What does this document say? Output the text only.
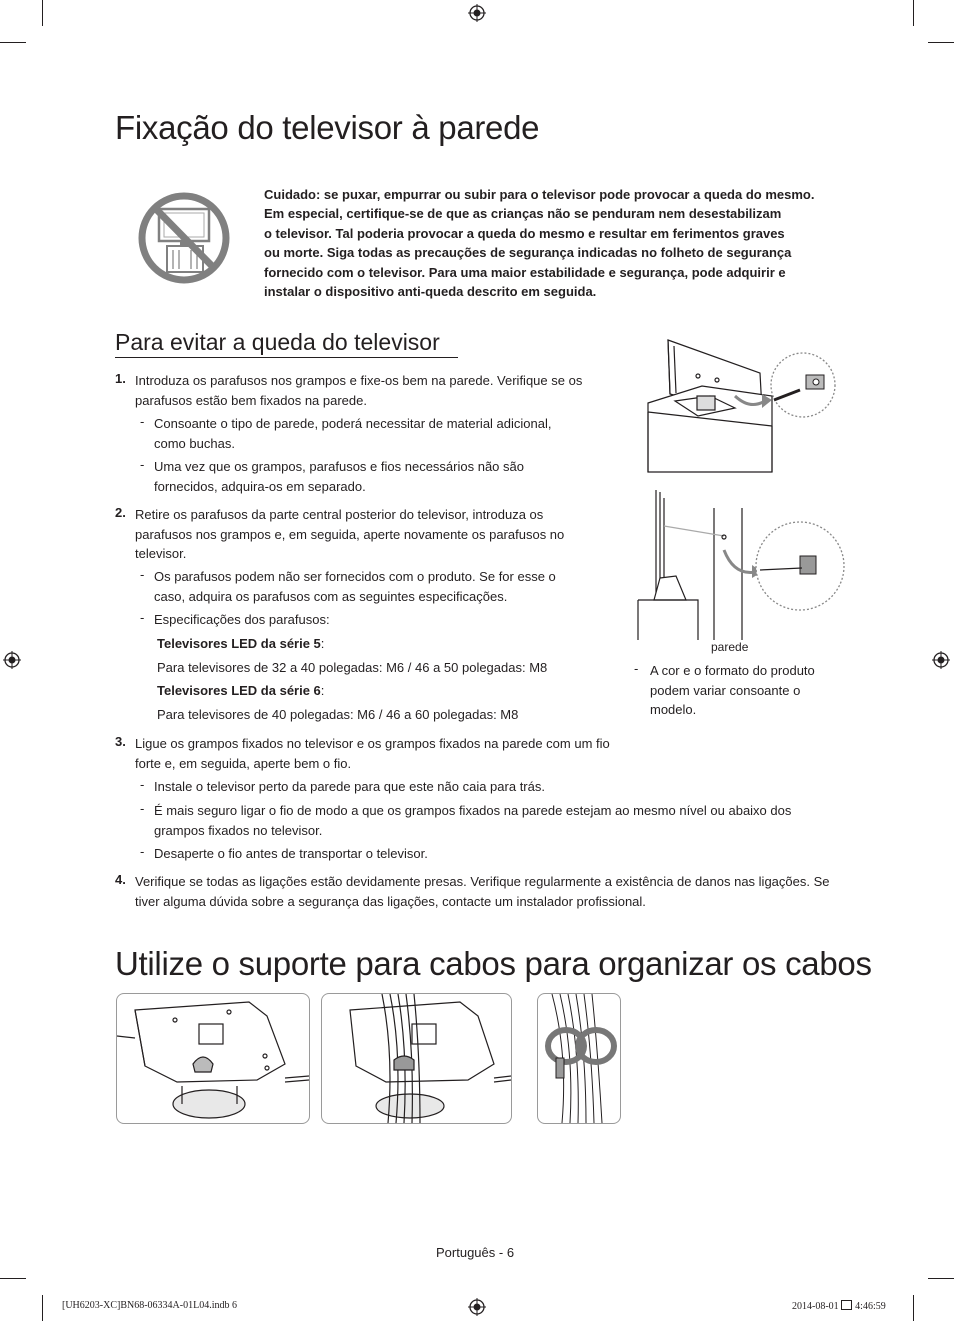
Fixação do televisor à parede
Cuidado: se puxar, empurrar ou subir para o televisor pode provocar a queda do mesmo.
Em especial, certifique-se de que as crianças não se penduram nem desestabilizam
o televisor. Tal poderia provocar a queda do mesmo e resultar em ferimentos graves
ou morte. Siga todas as precauções de segurança indicadas no folheto de segurança
fornecido com o televisor. Para uma maior estabilidade e segurança, pode adquirir e
instalar o dispositivo anti-queda descrito em seguida.
Para evitar a queda do televisor
1. Introduza os parafusos nos grampos e fixe-os bem na parede. Verifique se os
parafusos estão bem fixados na parede.
- Consoante o tipo de parede, poderá necessitar de material adicional,
como buchas.
- Uma vez que os grampos, parafusos e fios necessários não são
fornecidos, adquira-os em separado.
2. Retire os parafusos da parte central posterior do televisor, introduza os
parafusos nos grampos e, em seguida, aperte novamente os parafusos no
televisor.
- Os parafusos podem não ser fornecidos com o produto. Se for esse o
caso, adquira os parafusos com as seguintes especificações.
- Especificações dos parafusos:
Televisores LED da série 5:
Para televisores de 32 a 40 polegadas: M6 / 46 a 50 polegadas: M8
Televisores LED da série 6:
Para televisores de 40 polegadas: M6 / 46 a 60 polegadas: M8
3. Ligue os grampos fixados no televisor e os grampos fixados na parede com um fio
forte e, em seguida, aperte bem o fio.
- Instale o televisor perto da parede para que este não caia para trás.
- É mais seguro ligar o fio de modo a que os grampos fixados na parede estejam ao mesmo nível ou abaixo dos
grampos fixados no televisor.
- Desaperte o fio antes de transportar o televisor.
4. Verifique se todas as ligações estão devidamente presas. Verifique regularmente a existência de danos nas ligações. Se
tiver alguma dúvida sobre a segurança das ligações, contacte um instalador profissional.
parede
- A cor e o formato do produto
podem variar consoante o
modelo.
Utilize o suporte para cabos para organizar os cabos
Português - 6
[UH6203-XC]BN68-06334A-01L04.indb 6	2014-08-01 4:46:59
